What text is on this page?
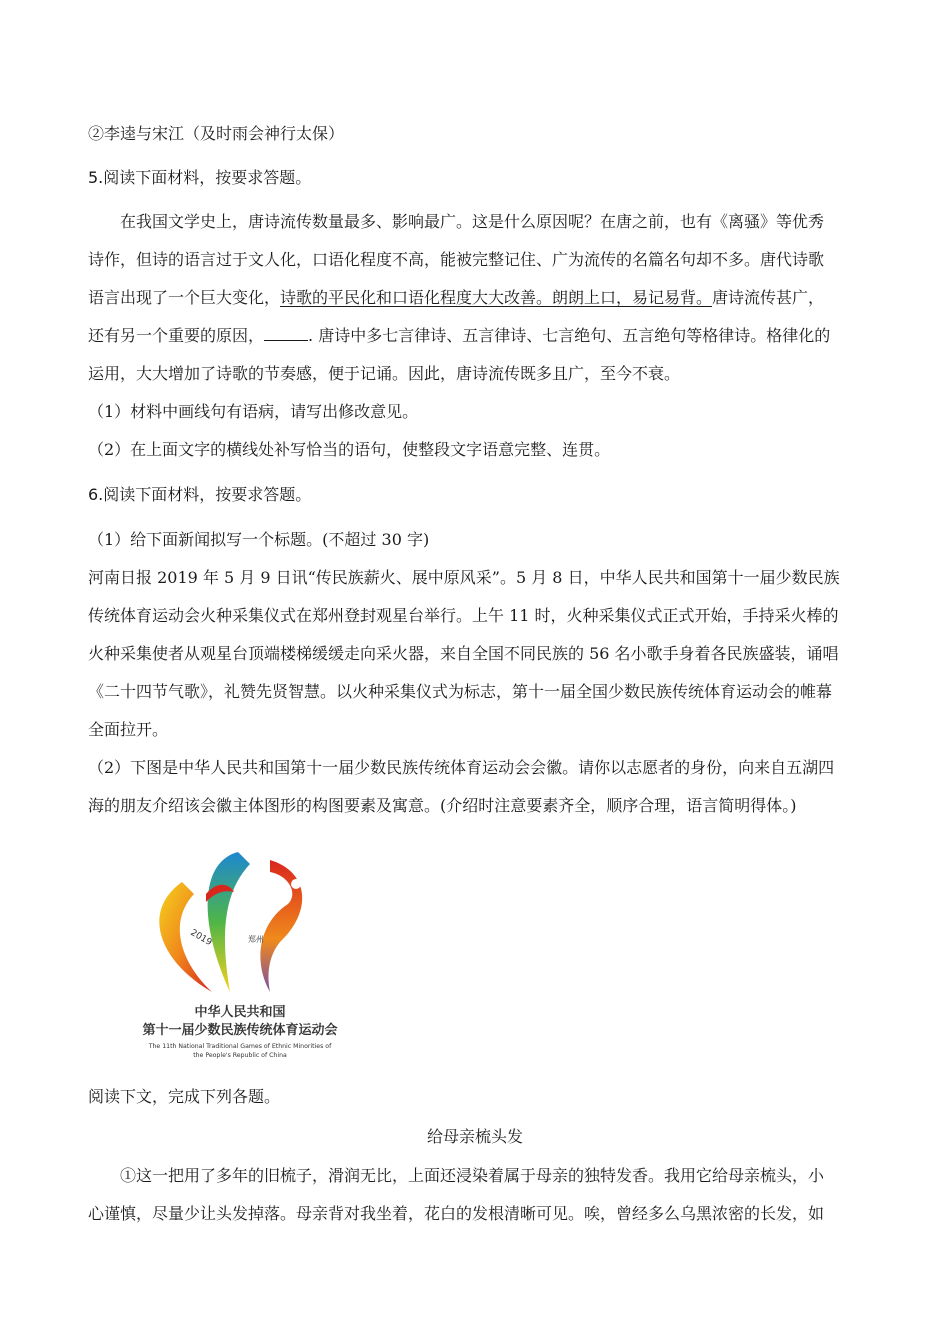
②李逵与宋江（及时雨会神行太保）
5.阅读下面材料，按要求答题。
在我国文学史上，唐诗流传数量最多、影响最广。这是什么原因呢？在唐之前，也有《离骚》等优秀
诗作，但诗的语言过于文人化，口语化程度不高，能被完整记住、广为流传的名篇名句却不多。唐代诗歌
语言出现了一个巨大变化，诗歌的平民化和口语化程度大大改善。朗朗上口，易记易背。唐诗流传甚广，
还有另一个重要的原因，	. 唐诗中多七言律诗、五言律诗、七言绝句、五言绝句等格律诗。格律化的
运用，大大增加了诗歌的节奏感，便于记诵。因此，唐诗流传既多且广，至今不衰。
（1）材料中画线句有语病，请写出修改意见。
（2）在上面文字的横线处补写恰当的语句，使整段文字语意完整、连贯。
6.阅读下面材料，按要求答题。
（1）给下面新闻拟写一个标题。(不超过 30 字)
河南日报 2019 年 5 月 9 日讯“传民族薪火、展中原风采”。5 月 8 日，中华人民共和国第十一届少数民族
传统体育运动会火种采集仪式在郑州登封观星台举行。上午 11 时，火种采集仪式正式开始，手持采火棒的
火种采集使者从观星台顶端楼梯缓缓走向采火器，来自全国不同民族的 56 名小歌手身着各民族盛装，诵唱
《二十四节气歌》，礼赞先贤智慧。以火种采集仪式为标志，第十一届全国少数民族传统体育运动会的帷幕
全面拉开。
（2）下图是中华人民共和国第十一届少数民族传统体育运动会会徽。请你以志愿者的身份，向来自五湖四
海的朋友介绍该会徽主体图形的构图要素及寓意。(介绍时注意要素齐全，顺序合理，语言简明得体。)
2019	郑州
中华人民共和国
第十一届少数民族传统体育运动会
The 11th National Traditional Games of Ethnic Minorities of
the People's Republic of China
阅读下文，完成下列各题。
给母亲梳头发
①这一把用了多年的旧梳子，滑润无比，上面还浸染着属于母亲的独特发香。我用它给母亲梳头，小
心谨慎，尽量少让头发掉落。母亲背对我坐着，花白的发根清晰可见。唉，曾经多么乌黑浓密的长发，如
